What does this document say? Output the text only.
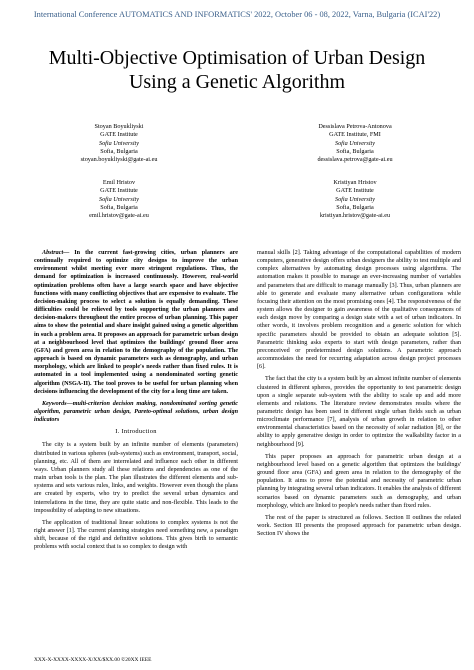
International Conference AUTOMATICS AND INFORMATICS' 2022, October 06 - 08, 2022, Varna, Bulgaria (ICAI'22)
Multi-Objective Optimisation of Urban Design
Using a Genetic Algorithm
Stoyan Boyukliyski
GATE Institute
Sofia University
Sofia, Bulgaria
stoyan.boyukliyski@gate-ai.eu
Dessislava Petrova-Antonova
GATE Institute, FMI
Sofia University
Sofia, Bulgaria
dessislava.petrova@gate-ai.eu
Emil Hristov
GATE Institute
Sofia University
Sofia, Bulgaria
emil.hristov@gate-ai.eu
Kristiyan Hristov
GATE Institute
Sofia University
Sofia, Bulgaria
kristiyan.hristov@gate-ai.eu

Abstract— In the current fast-growing cities, urban planners are continually required to optimize city designs to improve the urban environment whilst meeting ever more stringent regulations. Thus, the demand for optimization is increased continuously. However, real-world optimization problems often have a large search space and have objective functions with many conflicting objectives that are expensive to evaluate. The decision-making process to select a solution is equally demanding. These difficulties could be relieved by tools supporting the urban planners and decision-makers throughout the entire process of urban planning. This paper aims to show the potential and share insight gained using a genetic algorithm in such a problem area. It proposes an approach for parametric urban design at a neighbourhood level that optimizes the buildings' ground floor area (GFA) and green area in relation to the demography of the population. The approach is based on dynamic parameters such as demography, and urban morphology, which are linked to people's needs rather than fixed rules. It is automated in a tool implemented using a nondominated sorting genetic algorithm (NSGA-II). The tool proves to be useful for urban planning when decisions influencing the development of the city for a long time are taken.

Keywords—multi-criterion decision making, nondominated sorting genetic algorithm, parametric urban design, Pareto-optimal solutions, urban design indicators

I. Introduction

The city is a system built by an infinite number of elements (parameters) distributed in various spheres (sub-systems) such as environment, transport, social, planning, etc. All of them are interrelated and influence each other in different ways. Urban planners study all these relations and dependencies as one of the main urban tools is the plan. The plan illustrates the different elements and sub-systems and sets various rules, links, and weights. However even though the plans are created by experts, who try to predict the several urban dynamics and interrelations in the time, they are quite static and non-flexible. This leads to the impossibility of adapting to new situations.

The application of traditional linear solutions to complex systems is not the right answer [1]. The current planning strategies need something new, a paradigm shift, because of the rigid and definitive solutions. This gives birth to semantic problems with social context that is so complex to design with

manual skills [2]. Taking advantage of the computational capabilities of modern computers, generative design offers urban designers the ability to test multiple and complex alternatives by automating design processes using algorithms. The automation makes it possible to manage an ever-increasing number of variables and parameters that are difficult to manage manually [3]. Thus, urban planners are able to generate and evaluate many alternative urban configurations while focusing their attention on the most promising ones [4]. The responsiveness of the system allows the designer to gain awareness of the qualitative consequences of each design move by comparing a design state with a set of urban indicators. In other words, it involves problem recognition and a generic solution for which specific parameters should be provided to obtain an adequate solution [5]. Parametric thinking asks experts to start with design parameters, rather than preconceived or predetermined design solutions. A parametric approach accommodates the need for recurring adaptation across design project processes [6].

The fact that the city is a system built by an almost infinite number of elements clustered in different spheres, provides the opportunity to test parametric design upon a single separate sub-system with the ability to scale up and add more elements and relations. The literature review demonstrates results where the parametric design has been used in different single urban fields such as urban microclimate performance [7], analysis of urban growth in relation to other environmental characteristics based on the necessity of solar radiation [8], or the ability to apply generative design in order to optimize the walkability factor in a neighbourhood [9].

This paper proposes an approach for parametric urban design at a neighbourhood level based on a genetic algorithm that optimizes the buildings' ground floor area (GFA) and green area in relation to the demography of the population. It aims to prove the potential and necessity of parametric urban planning by integrating several urban indicators. It enables the analysis of different scenarios based on dynamic parameters such as demography, and urban morphology, which are linked to people's needs rather than fixed rules.

The rest of the paper is structured as follows. Section II outlines the related work. Section III presents the proposed approach for parametric urban design. Section IV shows the

XXX-X-XXXX-XXXX-X/XX/$XX.00 ©20XX IEEE
